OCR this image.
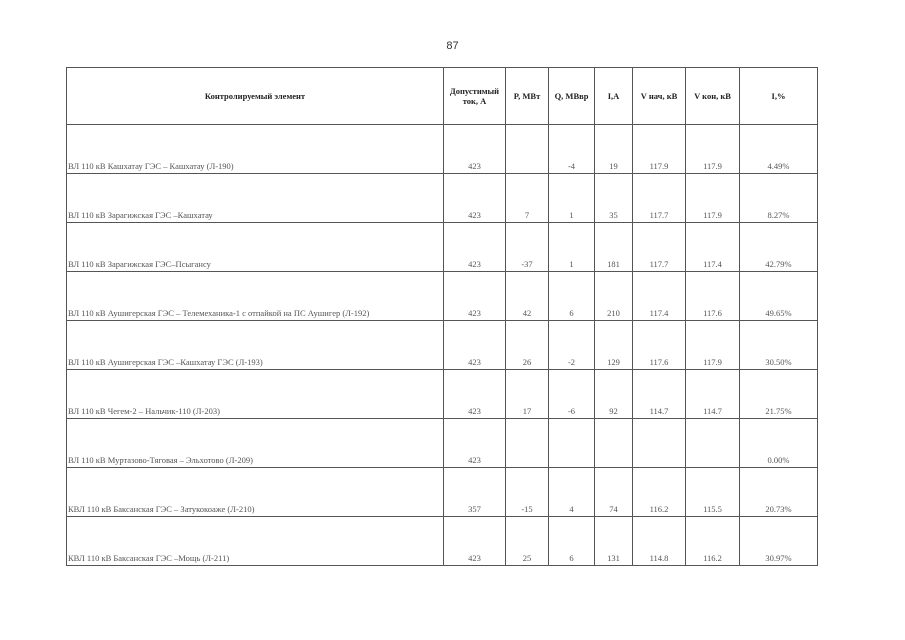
87
Контролируемый элемент	Допустимый ток, А	P, МВт	Q, МВвр	I,А	V нач, кВ	V кон, кВ	I,%
ВЛ 110 кВ Кашхатау ГЭС – Кашхатау (Л-190)	423		-4	19	117.9	117.9	4.49%
ВЛ 110 кВ Зарагижская ГЭС –Кашхатау	423	7	1	35	117.7	117.9	8.27%
ВЛ 110 кВ Зарагижская ГЭС–Псыгансу	423	-37	1	181	117.7	117.4	42.79%
ВЛ 110 кВ Аушигерская ГЭС – Телемеханика-1 с отпайкой на ПС Аушигер (Л-192)	423	42	6	210	117.4	117.6	49.65%
ВЛ 110 кВ Аушигерская ГЭС –Кашхатау ГЭС (Л-193)	423	26	-2	129	117.6	117.9	30.50%
ВЛ 110 кВ Чегем-2 – Нальчик-110 (Л-203)	423	17	-6	92	114.7	114.7	21.75%
ВЛ 110 кВ Муртазово-Тяговая – Эльхотово (Л-209)	423						0.00%
КВЛ 110 кВ Баксанская ГЭС – Затукокоаже (Л-210)	357	-15	4	74	116.2	115.5	20.73%
КВЛ 110 кВ Баксанская ГЭС –Мощь (Л-211)	423	25	6	131	114.8	116.2	30.97%
